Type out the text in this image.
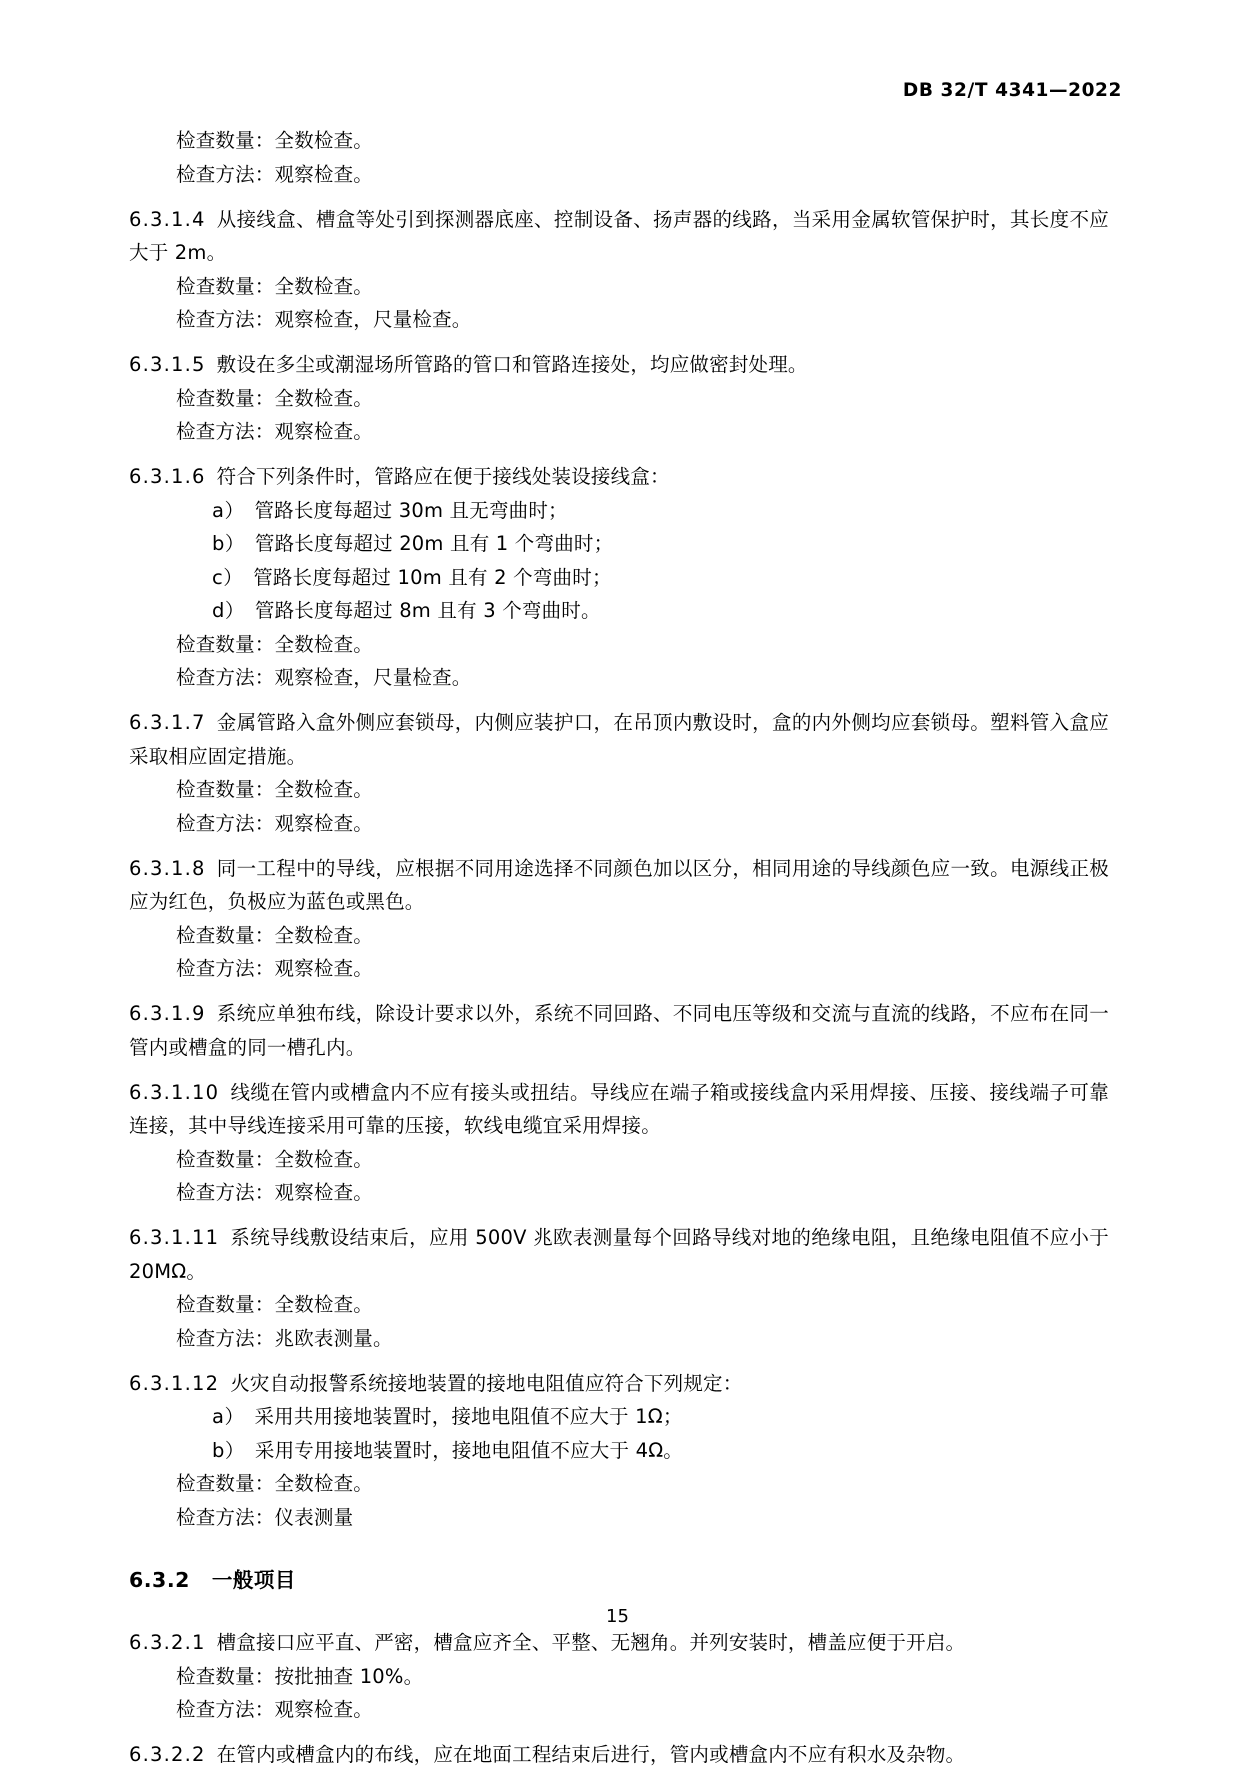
DB 32/T 4341—2022

检查数量：全数检查。

检查方法：观察检查。

6.3.1.4 从接线盒、槽盒等处引到探测器底座、控制设备、扬声器的线路，当采用金属软管保护时，其长度不应大于 2m。

检查数量：全数检查。

检查方法：观察检查，尺量检查。

6.3.1.5 敷设在多尘或潮湿场所管路的管口和管路连接处，均应做密封处理。

检查数量：全数检查。

检查方法：观察检查。

6.3.1.6 符合下列条件时，管路应在便于接线处装设接线盒：

a） 管路长度每超过 30m 且无弯曲时；

b） 管路长度每超过 20m 且有 1 个弯曲时；

c） 管路长度每超过 10m 且有 2 个弯曲时；

d） 管路长度每超过 8m 且有 3 个弯曲时。

检查数量：全数检查。

检查方法：观察检查，尺量检查。

6.3.1.7 金属管路入盒外侧应套锁母，内侧应装护口，在吊顶内敷设时，盒的内外侧均应套锁母。塑料管入盒应采取相应固定措施。

检查数量：全数检查。

检查方法：观察检查。

6.3.1.8 同一工程中的导线，应根据不同用途选择不同颜色加以区分，相同用途的导线颜色应一致。电源线正极应为红色，负极应为蓝色或黑色。

检查数量：全数检查。

检查方法：观察检查。

6.3.1.9 系统应单独布线，除设计要求以外，系统不同回路、不同电压等级和交流与直流的线路，不应布在同一管内或槽盒的同一槽孔内。

6.3.1.10 线缆在管内或槽盒内不应有接头或扭结。导线应在端子箱或接线盒内采用焊接、压接、接线端子可靠连接，其中导线连接采用可靠的压接，软线电缆宜采用焊接。

检查数量：全数检查。

检查方法：观察检查。

6.3.1.11 系统导线敷设结束后，应用 500V 兆欧表测量每个回路导线对地的绝缘电阻，且绝缘电阻值不应小于 20MΩ。

检查数量：全数检查。

检查方法：兆欧表测量。

6.3.1.12 火灾自动报警系统接地装置的接地电阻值应符合下列规定：

a） 采用共用接地装置时，接地电阻值不应大于 1Ω；

b） 采用专用接地装置时，接地电阻值不应大于 4Ω。

检查数量：全数检查。

检查方法：仪表测量

6.3.2 一般项目

6.3.2.1 槽盒接口应平直、严密，槽盒应齐全、平整、无翘角。并列安装时，槽盖应便于开启。

检查数量：按批抽查 10%。

检查方法：观察检查。

6.3.2.2 在管内或槽盒内的布线，应在地面工程结束后进行，管内或槽盒内不应有积水及杂物。

15
